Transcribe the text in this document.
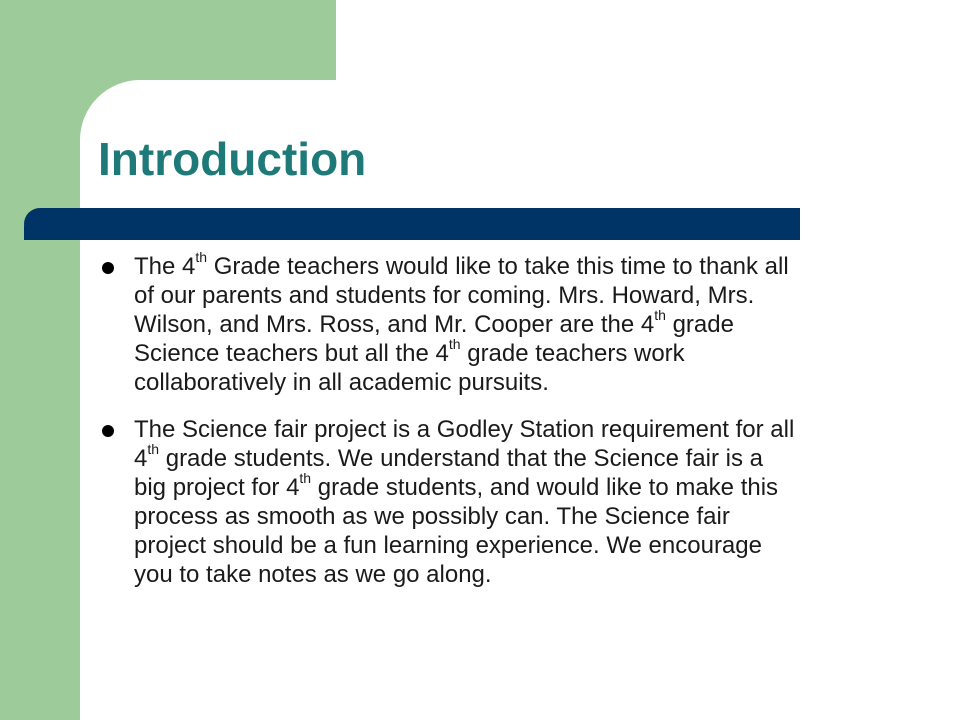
Introduction
The 4th Grade teachers would like to take this time to thank all
of our parents and students for coming. Mrs. Howard, Mrs.
Wilson, and Mrs. Ross, and Mr. Cooper are the 4th grade
Science teachers but all the 4th grade teachers work
collaboratively in all academic pursuits.
The Science fair project is a Godley Station requirement for all
4th grade students. We understand that the Science fair is a
big project for 4th grade students, and would like to make this
process as smooth as we possibly can. The Science fair
project should be a fun learning experience. We encourage
you to take notes as we go along.
